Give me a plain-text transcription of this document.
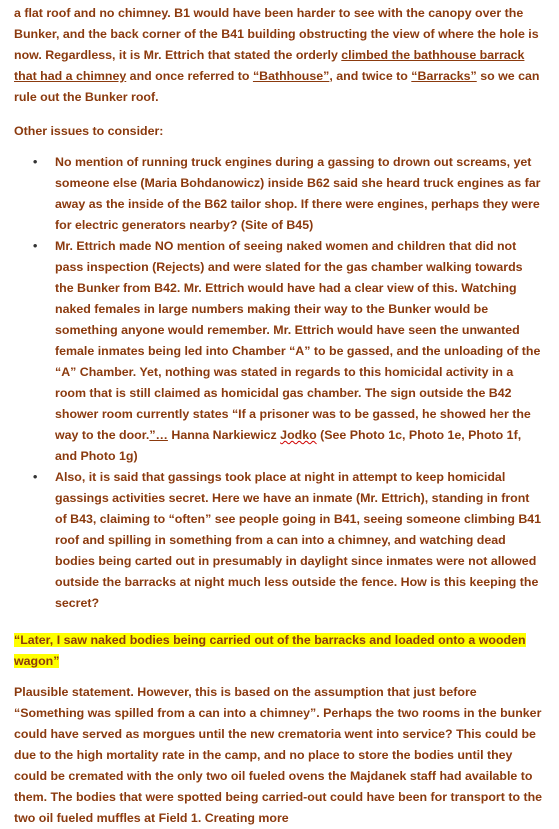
a flat roof and no chimney. B1 would have been harder to see with the canopy over the Bunker, and the back corner of the B41 building obstructing the view of where the hole is now. Regardless, it is Mr. Ettrich that stated the orderly climbed the bathhouse barrack that had a chimney and once referred to “Bathhouse”, and twice to “Barracks” so we can rule out the Bunker roof.

Other issues to consider:

• No mention of running truck engines during a gassing to drown out screams, yet someone else (Maria Bohdanowicz) inside B62 said she heard truck engines as far away as the inside of the B62 tailor shop. If there were engines, perhaps they were for electric generators nearby? (Site of B45)
• Mr. Ettrich made NO mention of seeing naked women and children that did not pass inspection (Rejects) and were slated for the gas chamber walking towards the Bunker from B42. Mr. Ettrich would have had a clear view of this. Watching naked females in large numbers making their way to the Bunker would be something anyone would remember. Mr. Ettrich would have seen the unwanted female inmates being led into Chamber “A” to be gassed, and the unloading of the “A” Chamber. Yet, nothing was stated in regards to this homicidal activity in a room that is still claimed as homicidal gas chamber. The sign outside the B42 shower room currently states “If a prisoner was to be gassed, he showed her the way to the door.”… Hanna Narkiewicz Jodko (See Photo 1c, Photo 1e, Photo 1f, and Photo 1g)
• Also, it is said that gassings took place at night in attempt to keep homicidal gassings activities secret. Here we have an inmate (Mr. Ettrich), standing in front of B43, claiming to “often” see people going in B41, seeing someone climbing B41 roof and spilling in something from a can into a chimney, and watching dead bodies being carted out in presumably in daylight since inmates were not allowed outside the barracks at night much less outside the fence. How is this keeping the secret?

“Later, I saw naked bodies being carried out of the barracks and loaded onto a wooden wagon”

Plausible statement. However, this is based on the assumption that just before “Something was spilled from a can into a chimney”. Perhaps the two rooms in the bunker could have served as morgues until the new crematoria went into service? This could be due to the high mortality rate in the camp, and no place to store the bodies until they could be cremated with the only two oil fueled ovens the Majdanek staff had available to them. The bodies that were spotted being carried-out could have been for transport to the two oil fueled muffles at Field 1. Creating more
